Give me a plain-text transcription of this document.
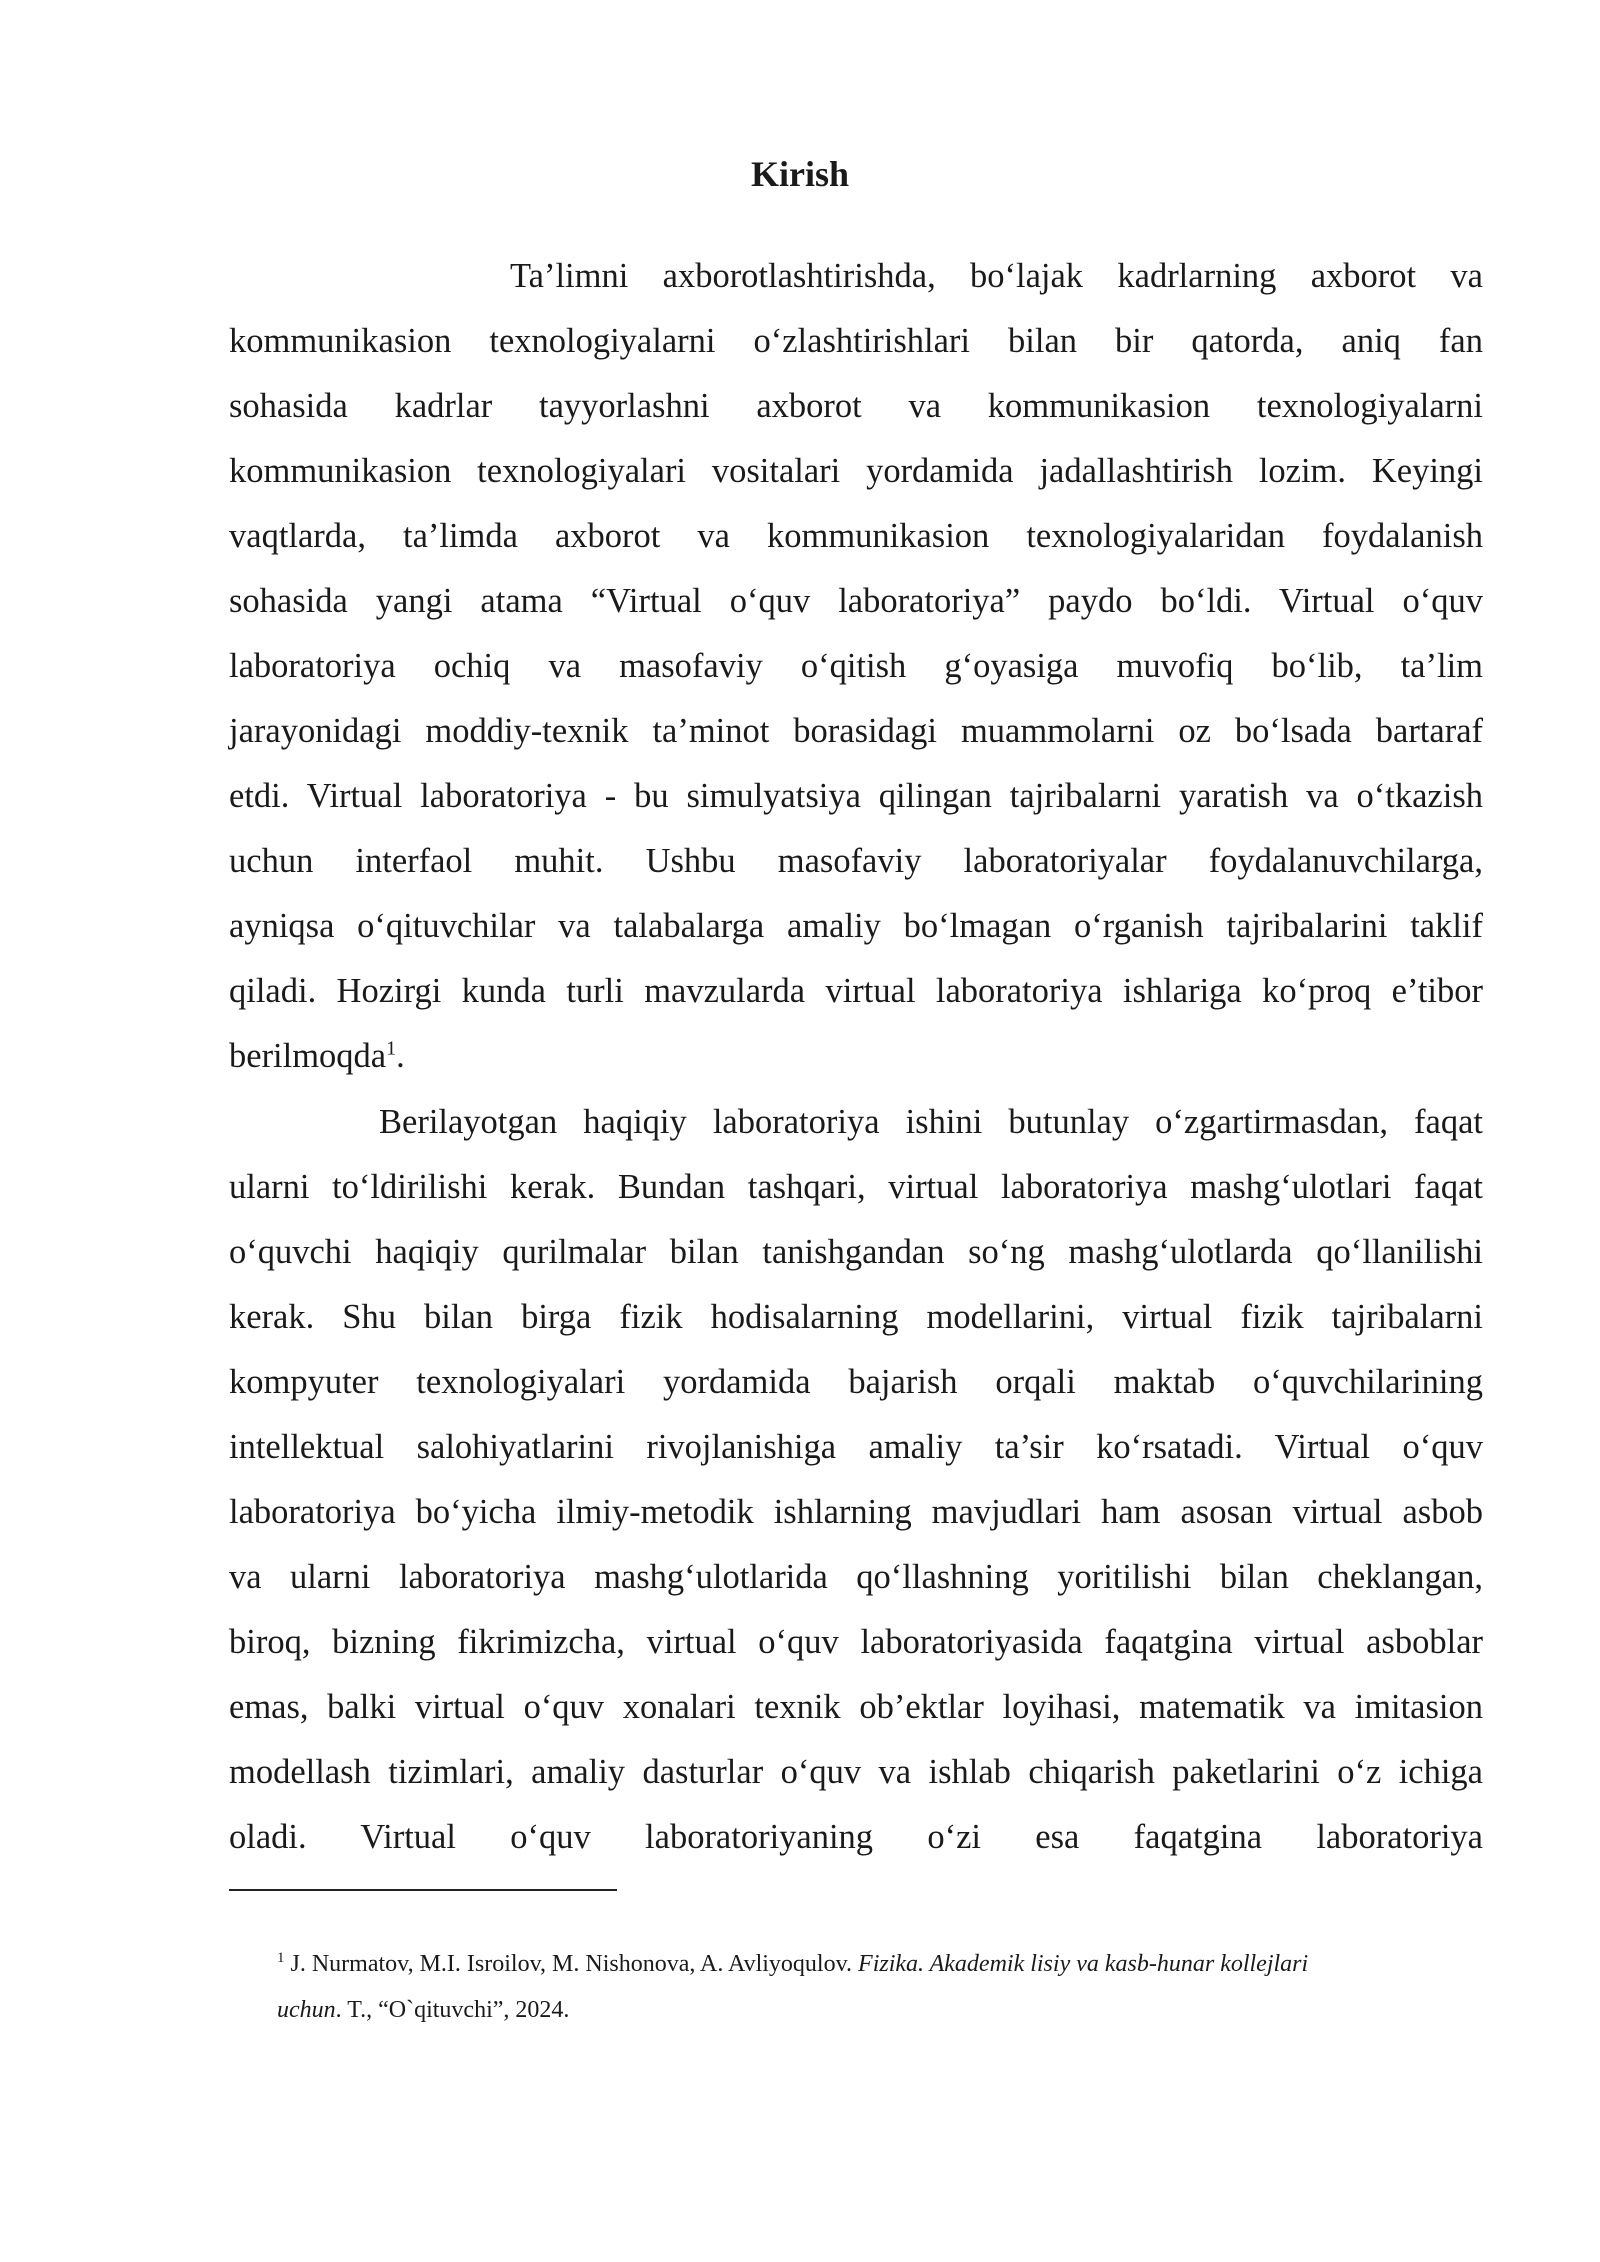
Kirish
Ta’limni axborotlashtirishda, bo‘lajak kadrlarning axborot va
kommunikasion texnologiyalarni o‘zlashtirishlari bilan bir qatorda, aniq fan
sohasida kadrlar tayyorlashni axborot va kommunikasion texnologiyalarni
kommunikasion texnologiyalari vositalari yordamida jadallashtirish lozim. Keyingi
vaqtlarda, ta’limda axborot va kommunikasion texnologiyalaridan foydalanish
sohasida yangi atama “Virtual o‘quv laboratoriya” paydo bo‘ldi. Virtual o‘quv
laboratoriya ochiq va masofaviy o‘qitish g‘oyasiga muvofiq bo‘lib, ta’lim
jarayonidagi moddiy-texnik ta’minot borasidagi muammolarni oz bo‘lsada bartaraf
etdi. Virtual laboratoriya - bu simulyatsiya qilingan tajribalarni yaratish va o‘tkazish
uchun interfaol muhit. Ushbu masofaviy laboratoriyalar foydalanuvchilarga,
ayniqsa o‘qituvchilar va talabalarga amaliy bo‘lmagan o‘rganish tajribalarini taklif
qiladi. Hozirgi kunda turli mavzularda virtual laboratoriya ishlariga ko‘proq e’tibor
berilmoqda$^1$.
Berilayotgan haqiqiy laboratoriya ishini butunlay o‘zgartirmasdan, faqat
ularni to‘ldirilishi kerak. Bundan tashqari, virtual laboratoriya mashg‘ulotlari faqat
o‘quvchi haqiqiy qurilmalar bilan tanishgandan so‘ng mashg‘ulotlarda qo‘llanilishi
kerak. Shu bilan birga fizik hodisalarning modellarini, virtual fizik tajribalarni
kompyuter texnologiyalari yordamida bajarish orqali maktab o‘quvchilarining
intellektual salohiyatlarini rivojlanishiga amaliy ta’sir ko‘rsatadi. Virtual o‘quv
laboratoriya bo‘yicha ilmiy-metodik ishlarning mavjudlari ham asosan virtual asbob
va ularni laboratoriya mashg‘ulotlarida qo‘llashning yoritilishi bilan cheklangan,
biroq, bizning fikrimizcha, virtual o‘quv laboratoriyasida faqatgina virtual asboblar
emas, balki virtual o‘quv xonalari texnik ob’ektlar loyihasi, matematik va imitasion
modellash tizimlari, amaliy dasturlar o‘quv va ishlab chiqarish paketlarini o‘z ichiga
oladi. Virtual o‘quv laboratoriyaning o‘zi esa faqatgina laboratoriya
$^1$ J. Nurmatov, M.I. Isroilov, M. Nishonova, A. Avliyoqulov. Fizika. Akademik lisiy va kasb-hunar kollejlari
uchun. T., “O`qituvchi”, 2024.
